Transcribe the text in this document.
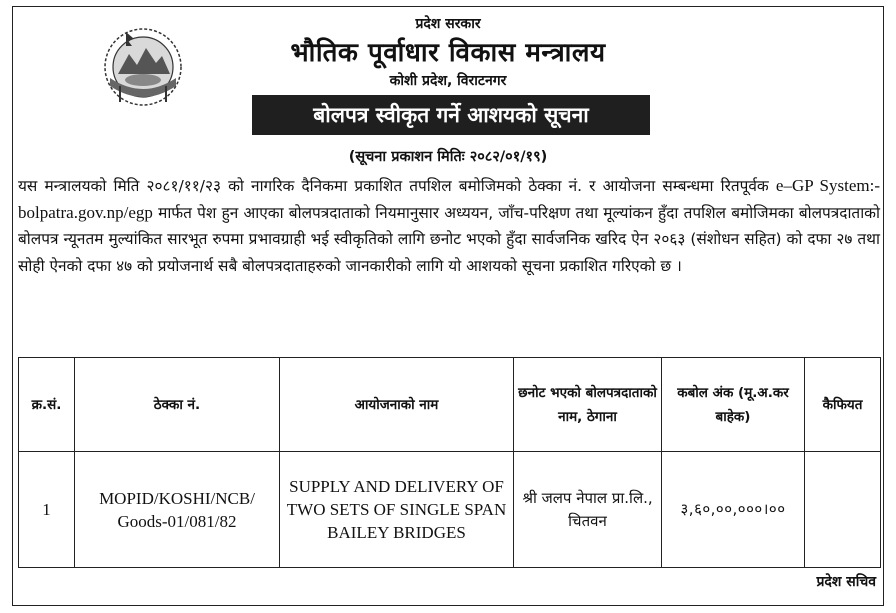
प्रदेश सरकार
भौतिक पूर्वाधार विकास मन्त्रालय
कोशी प्रदेश, विराटनगर
बोलपत्र स्वीकृत गर्ने आशयको सूचना
(सूचना प्रकाशन मितिः २०८२/०१/१९)
यस मन्त्रालयको मिति २०८१/११/२३ को नागरिक दैनिकमा प्रकाशित तपशिल बमोजिमको ठेक्का नं. र आयोजना सम्बन्धमा रितपूर्वक e–GP System:- bolpatra.gov.np/egp मार्फत पेश हुन आएका बोलपत्रदाताको नियमानुसार अध्ययन, जाँच-परिक्षण तथा मूल्यांकन हुँदा तपशिल बमोजिमका बोलपत्रदाताको बोलपत्र न्यूनतम मुल्यांकित सारभूत रुपमा प्रभावग्राही भई स्वीकृतिको लागि छनोट भएको हुँदा सार्वजनिक खरिद ऐन २०६३ (संशोधन सहित) को दफा २७ तथा सोही ऐनको दफा ४७ को प्रयोजनार्थ सबै बोलपत्रदाताहरुको जानकारीको लागि यो आशयको सूचना प्रकाशित गरिएको छ ।
क्र.सं.	ठेक्का नं.	आयोजनाको नाम	छनोट भएको बोलपत्रदाताको नाम, ठेगाना	कबोल अंक (मू.अ.कर बाहेक)	कैफियत
1	MOPID/KOSHI/NCB/ Goods-01/081/82	SUPPLY AND DELIVERY OF TWO SETS OF SINGLE SPAN BAILEY BRIDGES	श्री जलप नेपाल प्रा.लि., चितवन	३,६०,००,०००।००	
प्रदेश सचिव
